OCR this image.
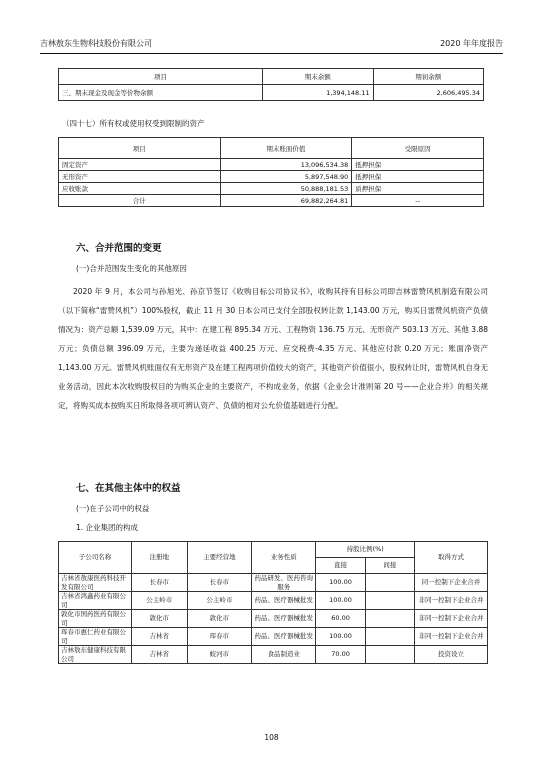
吉林敖东生物科技股份有限公司	2020 年年度报告
项目	期末余额	期初余额
三、期末现金及现金等价物余额	1,394,148.11	2,606,495.34
（四十七）所有权或使用权受到限制的资产
项目	期末账面价值	受限原因
固定资产	13,096,534.38	抵押担保
无形资产	5,897,548.90	抵押担保
应收账款	50,888,181.53	质押担保
合计	69,882,264.81	--
六、合并范围的变更
(一)合并范围发生变化的其他原因
2020 年 9 月，本公司与孙旭光、孙京节签订《收购目标公司协议书》，收购其持有目标公司即吉林雷赞风机制造有限公司（以下简称“雷赞风机”）100%股权，截止 11 月 30 日本公司已支付全部股权转让款 1,143.00 万元，购买日雷赞风机资产负债情况为：资产总额 1,539.09 万元，其中：在建工程 895.34 万元、工程物资 136.75 万元、无形资产 503.13 万元、其他 3.88 万元；负债总额 396.09 万元，主要为递延收益 400.25 万元、应交税费-4.35 万元、其他应付款 0.20 万元；账面净资产 1,143.00 万元。雷赞风机账面仅有无形资产及在建工程两项价值较大的资产，其他资产价值很小，股权转让时，雷赞风机自身无业务活动，因此本次收购股权目的为购买企业的主要资产，不构成业务，依据《企业会计准则第 20 号——企业合并》的相关规定，将购买成本按购买日所取得各项可辨认资产、负债的相对公允价值基础进行分配。
七、在其他主体中的权益
(一)在子公司中的权益
1. 企业集团的构成
子公司名称	注册地	主要经营地	业务性质	持股比例(%)		取得方式
				直接	间接	
吉林省敖康医药科技开发有限公司	长春市	长春市	药品研发、医药咨询服务	100.00		同一控制下企业合并
吉林省鸿鑫药业有限公司	公主岭市	公主岭市	药品、医疗器械批发	100.00		非同一控制下企业合并
敦化市国药医药有限公司	敦化市	敦化市	药品、医疗器械批发	60.00		非同一控制下企业合并
珲春市惠仁药业有限公司	吉林省	珲春市	药品、医疗器械批发	100.00		非同一控制下企业合并
吉林敖东健康科技有限公司	吉林省	蛟河市	食品制造业	70.00		投资设立
108
